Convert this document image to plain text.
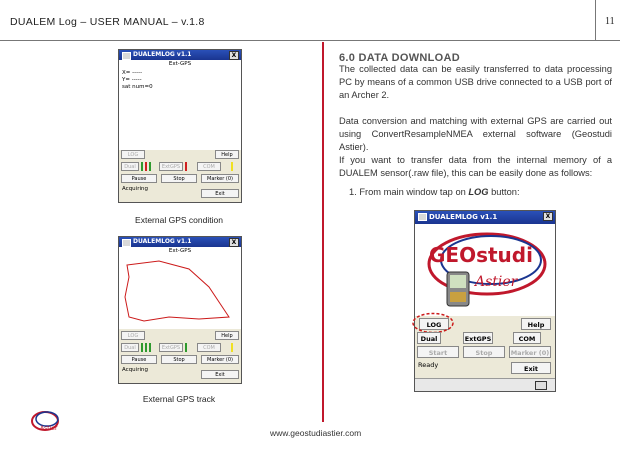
DUALEM Log – USER MANUAL – v.1.8	11
DUALEMLOG v1.1	X
Ext-GPS
X= -----
Y= -----
sat num=0
LOG	Help
Dual	ExtGPS	COM
Pause	Stop	Marker (0)
Acquiring
Exit
External GPS condition
DUALEMLOG v1.1	X
Ext-GPS
LOG	Help
Dual	ExtGPS	COM
Pause	Stop	Marker (0)
Acquiring
Exit
External GPS track
Astier	www.geostudiastier.com
6.0 DATA DOWNLOAD

The collected data can be easily transferred to data processing PC by means of a common USB drive connected to a USB port of an Archer 2.

Data conversion and matching with external GPS are carried out using ConvertResampleNMEA external software (Geostudi Astier).

If you want to transfer data from the internal memory of a DUALEM sensor(.raw file), this can be easily done as follows:

1. From main window tap on LOG button:
DUALEMLOG v1.1	X
GEOstudi
Astier
LOG	Help
Dual	ExtGPS	COM
Start	Stop	Marker (0)
Ready	Exit
